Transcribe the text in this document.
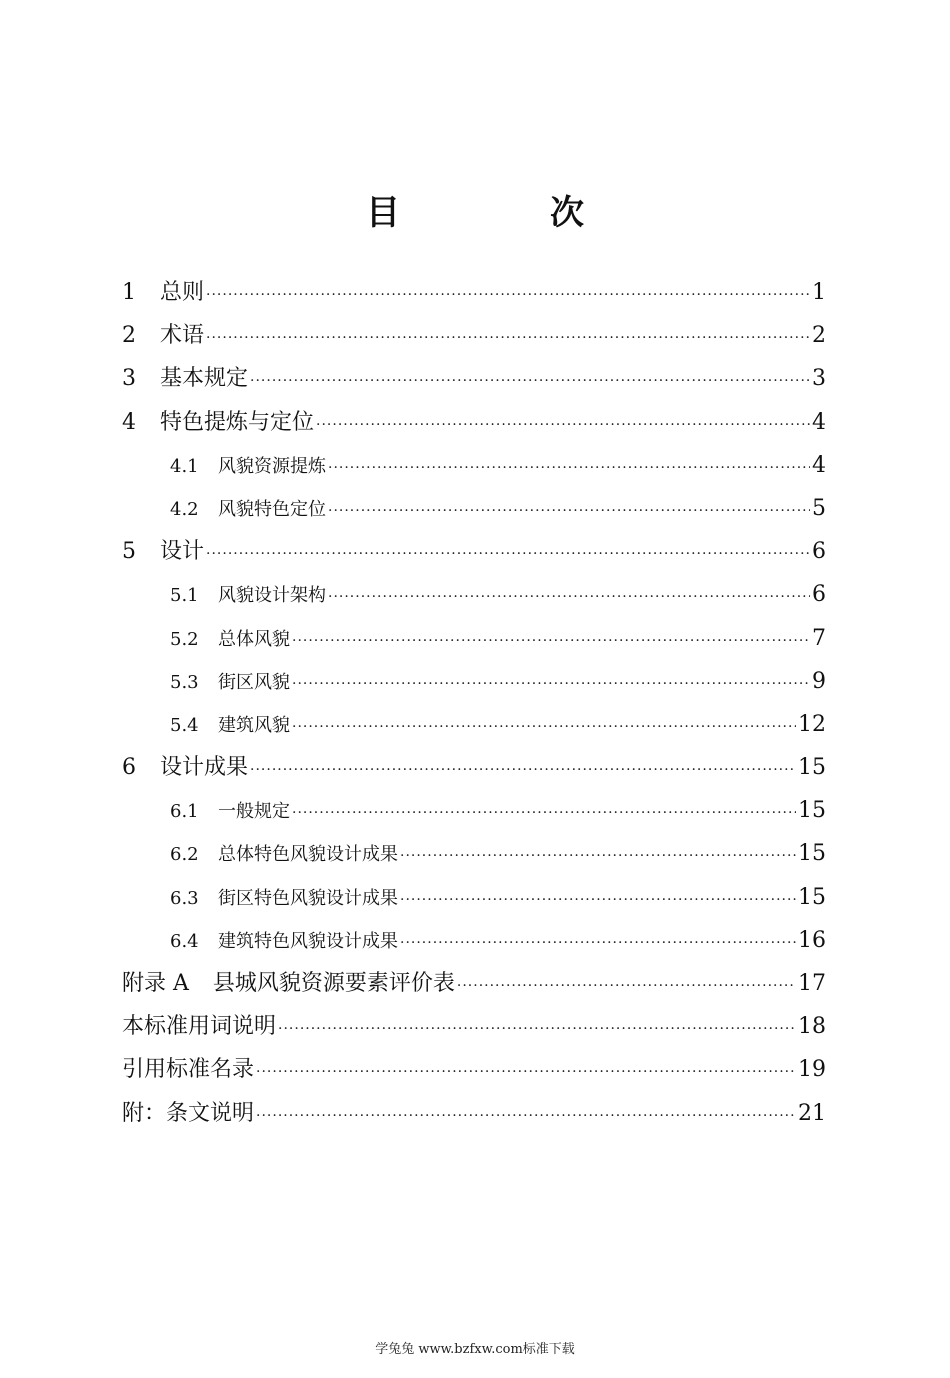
目　次
1	总则 ·····	1
2	术语 ·····	2
3	基本规定 ·····	3
4	特色提炼与定位 ·····	4
4.1	风貌资源提炼 ·····	4
4.2	风貌特色定位 ·····	5
5	设计 ·····	6
5.1	风貌设计架构 ·····	6
5.2	总体风貌 ·····	7
5.3	街区风貌 ·····	9
5.4	建筑风貌 ·····	12
6	设计成果 ·····	15
6.1	一般规定 ·····	15
6.2	总体特色风貌设计成果 ·····	15
6.3	街区特色风貌设计成果 ·····	15
6.4	建筑特色风貌设计成果 ·····	16
附录 A	县城风貌资源要素评价表 ·····	17
本标准用词说明 ·····	18
引用标准名录 ·····	19
附：条文说明 ·····	21
学兔兔 www.bzfxw.com标准下载
